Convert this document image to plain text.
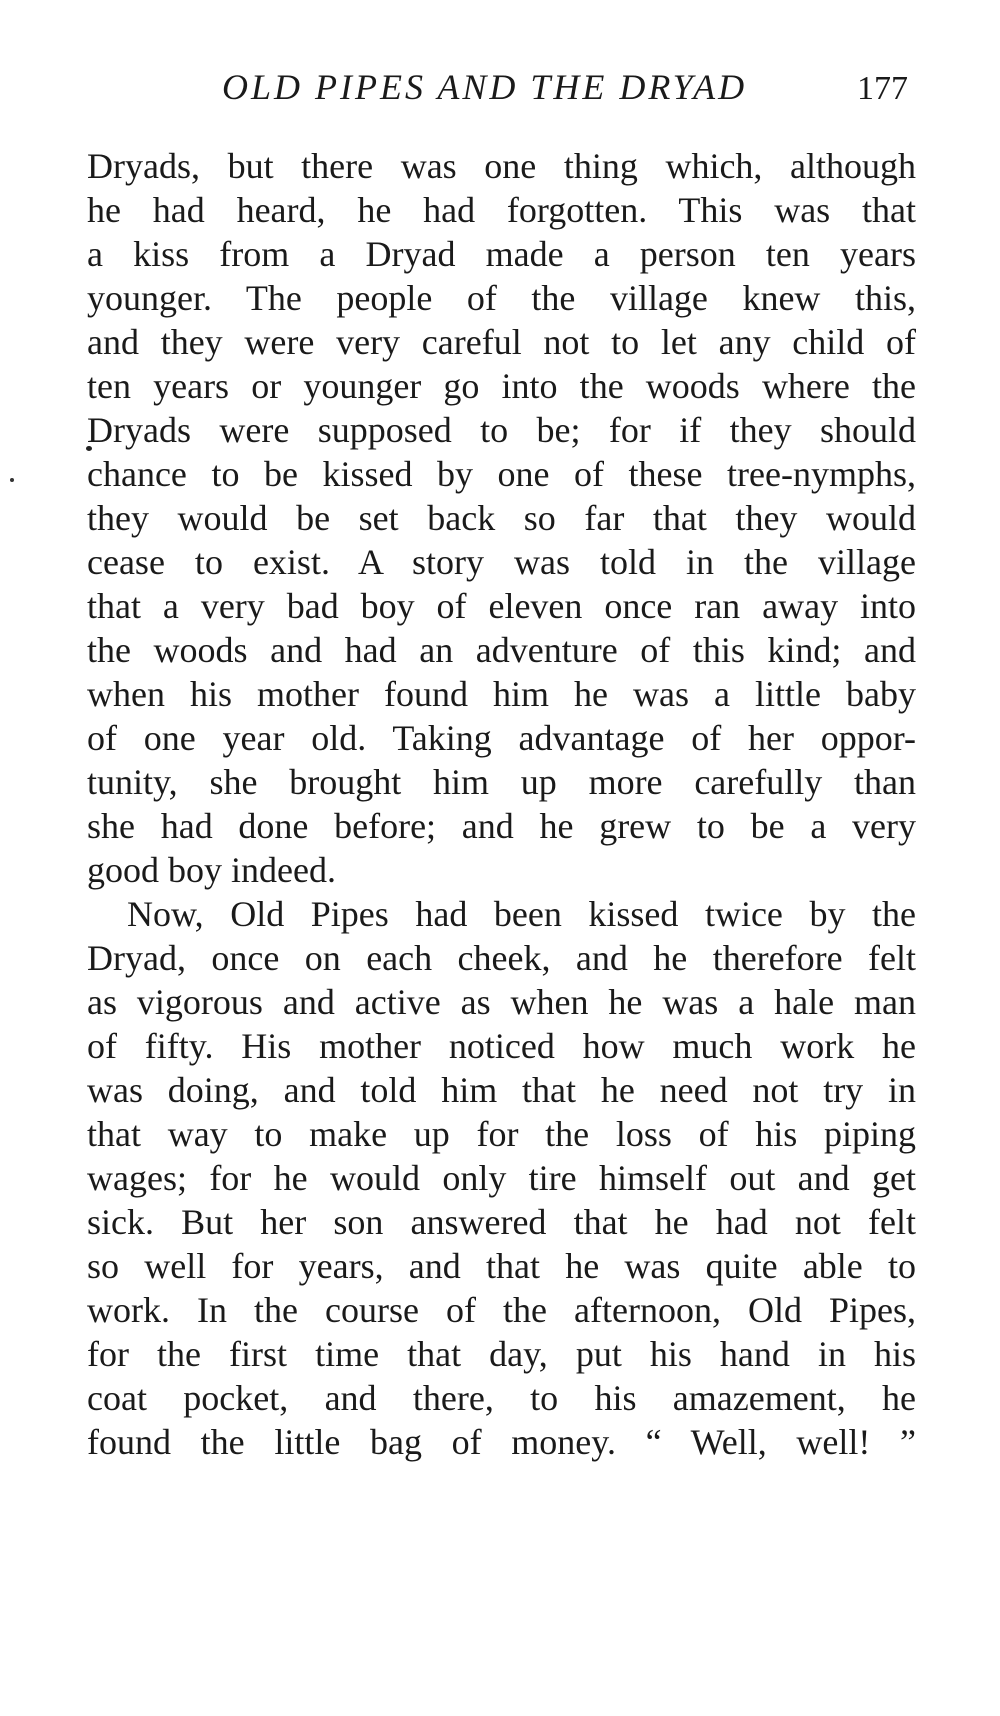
OLD PIPES AND THE DRYAD	177
Dryads, but there was one thing which, although
he had heard, he had forgotten. This was that
a kiss from a Dryad made a person ten years
younger. The people of the village knew this,
and they were very careful not to let any child of
ten years or younger go into the woods where the
Dryads were supposed to be; for if they should
chance to be kissed by one of these tree-nymphs,
they would be set back so far that they would
cease to exist. A story was told in the village
that a very bad boy of eleven once ran away into
the woods and had an adventure of this kind; and
when his mother found him he was a little baby
of one year old. Taking advantage of her oppor-
tunity, she brought him up more carefully than
she had done before; and he grew to be a very
good boy indeed.
Now, Old Pipes had been kissed twice by the
Dryad, once on each cheek, and he therefore felt
as vigorous and active as when he was a hale man
of fifty. His mother noticed how much work he
was doing, and told him that he need not try in
that way to make up for the loss of his piping
wages; for he would only tire himself out and get
sick. But her son answered that he had not felt
so well for years, and that he was quite able to
work. In the course of the afternoon, Old Pipes,
for the first time that day, put his hand in his
coat pocket, and there, to his amazement, he
found the little bag of money. “ Well, well! ”
